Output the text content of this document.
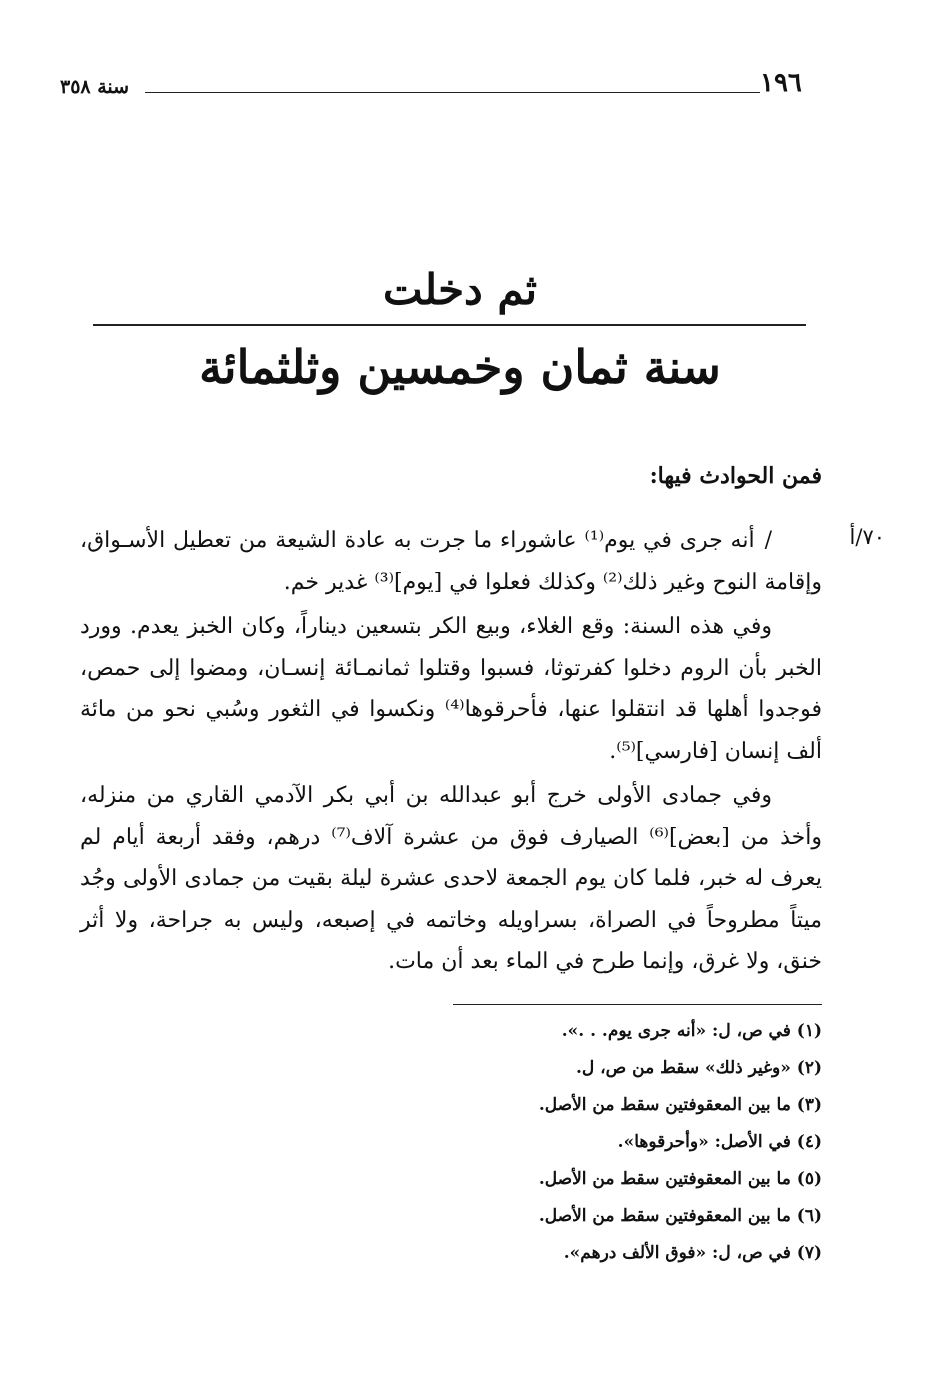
١٩٦
سنة ٣٥٨
ثم دخلت
سنة ثمان وخمسين وثلثمائة
فمن الحوادث فيها:
٧٠/أ

/أنه جرى في يوم⁽¹⁾ عاشوراء ما جرت به عادة الشيعة من تعطيل الأسـواق، وإقامة النوح وغير ذلك⁽²⁾ وكذلك فعلوا في [يوم]⁽³⁾ غدير خم.

وفي هذه السنة: وقع الغلاء، وبيع الكر بتسعين ديناراً، وكان الخبز يعدم. وورد الخبر بأن الروم دخلوا كفرتوثا، فسبوا وقتلوا ثمانمـائة إنسـان، ومضوا إلى حمص، فوجدوا أهلها قد انتقلوا عنها، فأحرقوها⁽⁴⁾ ونكسوا في الثغور وسُبي نحو من مائة ألف إنسان [فارسي]⁽⁵⁾.

وفي جمادى الأولى خرج أبو عبدالله بن أبي بكر الآدمي القاري من منزله، وأخذ من [بعض]⁽⁶⁾ الصيارف فوق من عشرة آلاف⁽⁷⁾ درهم، وفقد أربعة أيام لم يعرف له خبر، فلما كان يوم الجمعة لاحدى عشرة ليلة بقيت من جمادى الأولى وجُد ميتاً مطروحاً في الصراة، بسراويله وخاتمه في إصبعه، وليس به جراحة، ولا أثر خنق، ولا غرق، وإنما طرح في الماء بعد أن مات.

(١) في ص، ل: «أنه جرى يوم. . .».
(٢) «وغير ذلك» سقط من ص، ل.
(٣) ما بين المعقوفتين سقط من الأصل.
(٤) في الأصل: «وأحرقوها».
(٥) ما بين المعقوفتين سقط من الأصل.
(٦) ما بين المعقوفتين سقط من الأصل.
(٧) في ص، ل: «فوق الألف درهم».
